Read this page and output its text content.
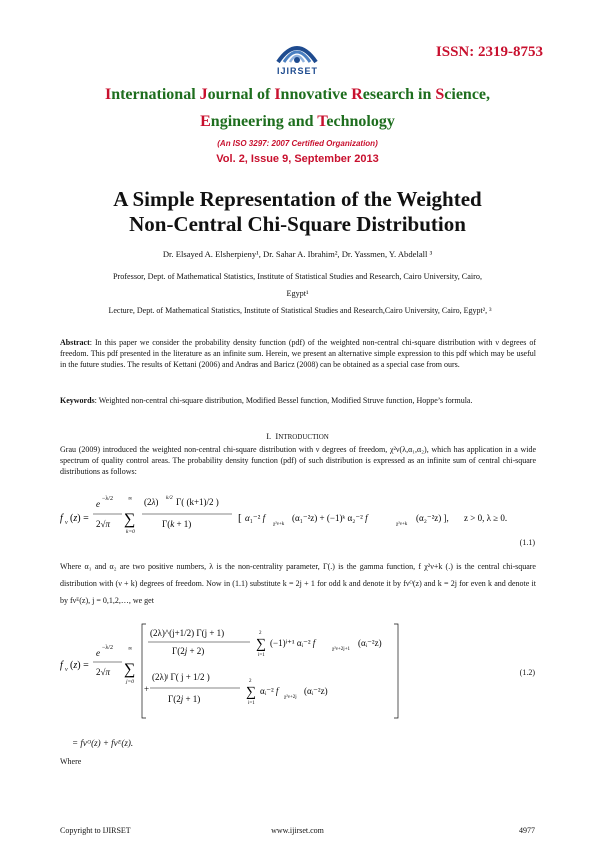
ISSN: 2319-8753
IJIRSET
International Journal of Innovative Research in Science,
Engineering and Technology
(An ISO 3297: 2007 Certified Organization)
Vol. 2, Issue 9, September 2013
A Simple Representation of the Weighted
Non-Central Chi-Square Distribution
Dr. Elsayed A. Elsherpieny¹, Dr. Sahar A. Ibrahim², Dr. Yassmen, Y. Abdelall ³
Professor, Dept. of Mathematical Statistics, Institute of Statistical Studies and Research, Cairo University, Cairo,
Egypt¹
Lecture, Dept. of Mathematical Statistics, Institute of Statistical Studies and Research,Cairo University, Cairo, Egypt², ³
Abstract: In this paper we consider the probability density function (pdf) of the weighted non-central chi-square distribution with ν degrees of freedom. This pdf presented in the literature as an infinite sum. Herein, we present an alternative simple expression to this pdf which may be useful in the future studies. The results of Kettani (2006) and Andras and Baricz (2008) can be obtained as a special case from ours.
Keywords: Weighted non-central chi-square distribution, Modified Bessel function, Modified Struve function, Hoppe’s formula.
I. INTRODUCTION
Grau (2009) introduced the weighted non-central chi-square distribution with ν degrees of freedom, χ²ν(λ,α₁,α₂), which has application in a wide spectrum of quality control areas. The probability density function (pdf) of such distribution is expressed as an infinite sum of central chi-square distributions as follows:
f ν (z) =
e −λ/2
2√π
∞
∑
k=0
(2λ) k/2 Γ( (k+1)/2 )
Γ(k + 1)	[ α₁⁻² f
χ²ν+k
(α₁⁻²z) + (−1)ᵏ α₂⁻² f
χ²ν+k
(α₂⁻²z) ], z > 0, λ ≥ 0.
(1.1)
Where α₁ and α₂ are two positive numbers, λ is the non-centrality parameter, Γ(.) is the gamma function, f χ²ν+k (.) is the central chi-square distribution with (ν + k) degrees of freedom. Now in (1.1) substitute k = 2j + 1 for odd k and denote it by fνᴼ(z) and k = 2j for even k and denote it by fνᴱ(z), j = 0,1,2,…, we get
f ν (z) =
e −λ/2
2√π
∞
∑
j=0
(2λ)^(j+1/2) Γ(j + 1)
Γ(2j + 2)	∑
i=1
2
(−1)ⁱ⁺¹ αᵢ⁻² f
χ²ν+2j+1
(αᵢ⁻²z)
+
(2λ)ʲ Γ( j + 1/2 )
Γ(2j + 1)	∑
i=1
2
αᵢ⁻² f
χ²ν+2j
(αᵢ⁻²z)
(1.2)
= fνᴼ(z) + fνᴱ(z).
Where
Copyright to IJIRSET	www.ijirset.com	4977
